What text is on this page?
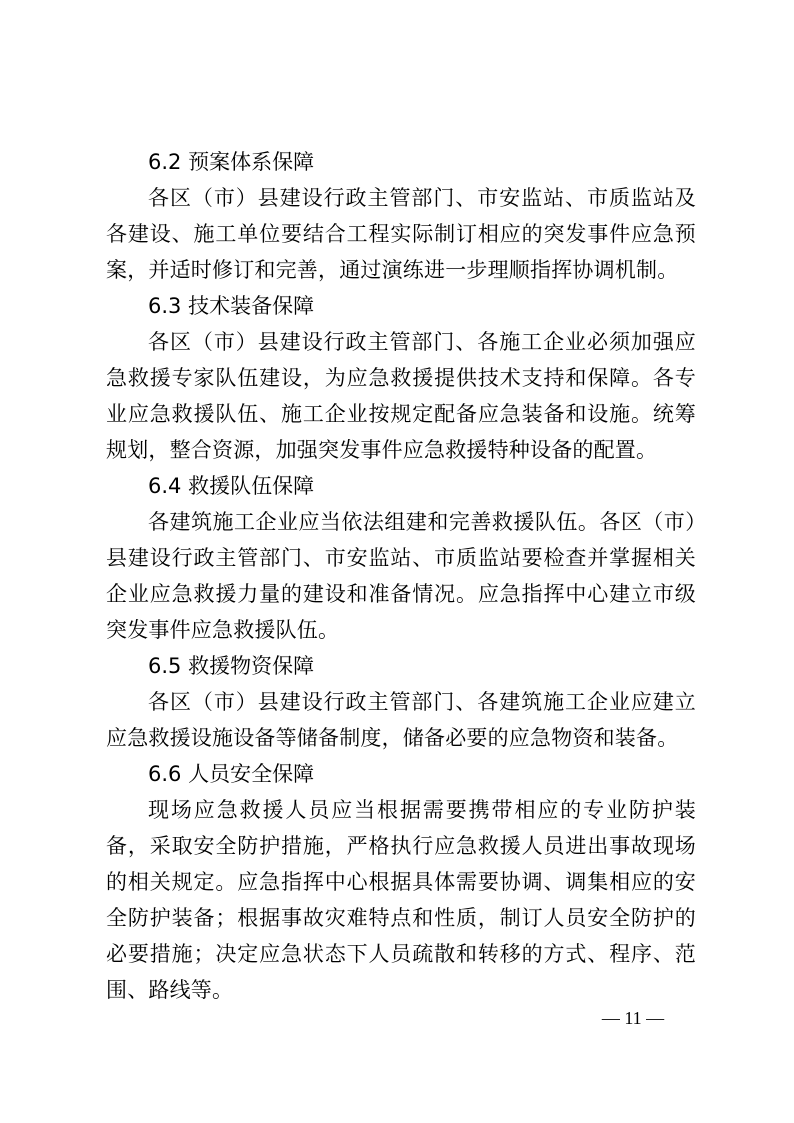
6.2 预案体系保障

各区（市）县建设行政主管部门、市安监站、市质监站及各建设、施工单位要结合工程实际制订相应的突发事件应急预案，并适时修订和完善，通过演练进一步理顺指挥协调机制。

6.3 技术装备保障

各区（市）县建设行政主管部门、各施工企业必须加强应急救援专家队伍建设，为应急救援提供技术支持和保障。各专业应急救援队伍、施工企业按规定配备应急装备和设施。统筹规划，整合资源，加强突发事件应急救援特种设备的配置。

6.4 救援队伍保障

各建筑施工企业应当依法组建和完善救援队伍。各区（市）县建设行政主管部门、市安监站、市质监站要检查并掌握相关企业应急救援力量的建设和准备情况。应急指挥中心建立市级突发事件应急救援队伍。

6.5 救援物资保障

各区（市）县建设行政主管部门、各建筑施工企业应建立应急救援设施设备等储备制度，储备必要的应急物资和装备。

6.6 人员安全保障

现场应急救援人员应当根据需要携带相应的专业防护装备，采取安全防护措施，严格执行应急救援人员进出事故现场的相关规定。应急指挥中心根据具体需要协调、调集相应的安全防护装备；根据事故灾难特点和性质，制订人员安全防护的必要措施；决定应急状态下人员疏散和转移的方式、程序、范围、路线等。

— 11 —
